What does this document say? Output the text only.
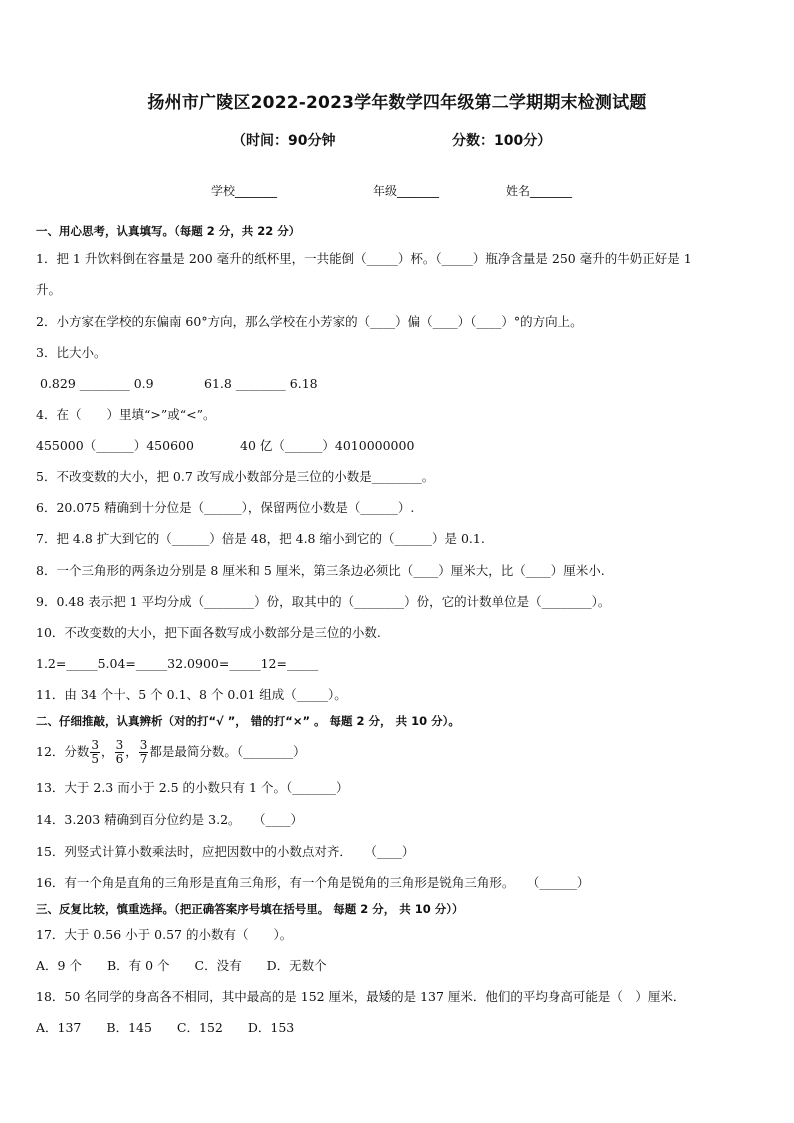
扬州市广陵区2022-2023学年数学四年级第二学期期末检测试题
（时间：90分钟	分数：100分）
学校_______	年级_______	姓名_______
一、用心思考，认真填写。（每题 2 分，共 22 分）
1．把 1 升饮料倒在容量是 200 毫升的纸杯里，一共能倒（_____）杯。（_____）瓶净含量是 250 毫升的牛奶正好是 1
升。
2．小方家在学校的东偏南 60°方向，那么学校在小芳家的（____）偏（____）（____）°的方向上。
3．比大小。
0.829 ________ 0.9	61.8 ________ 6.18
4．在（　　）里填“>”或“<”。
455000（______）450600	40 亿（______）4010000000
5．不改变数的大小，把 0.7 改写成小数部分是三位的小数是________。
6．20.075 精确到十分位是（______），保留两位小数是（______）.
7．把 4.8 扩大到它的（______）倍是 48，把 4.8 缩小到它的（______）是 0.1.
8．一个三角形的两条边分别是 8 厘米和 5 厘米，第三条边必须比（____）厘米大，比（____）厘米小.
9．0.48 表示把 1 平均分成（________）份，取其中的（________）份，它的计数单位是（________）。
10．不改变数的大小，把下面各数写成小数部分是三位的小数.
1.2=_____5.04=_____32.0900=_____12=_____
11．由 34 个十、5 个 0.1、8 个 0.01 组成（_____）。
二、仔细推敲，认真辨析（对的打“√ ”， 错的打“×” 。 每题 2 分， 共 10 分）。
12．分数 $\frac{3}{5}$ ， $\frac{3}{6}$ ， $\frac{3}{7}$ 都是最简分数。（________）
13．大于 2.3 而小于 2.5 的小数只有 1 个。（_______）
14．3.203 精确到百分位约是 3.2。　　（____）
15．列竖式计算小数乘法时，应把因数中的小数点对齐．　　（____）
16．有一个角是直角的三角形是直角三角形，有一个角是锐角的三角形是锐角三角形。　　（______）
三、反复比较，慎重选择。（把正确答案序号填在括号里。 每题 2 分， 共 10 分））
17．大于 0.56 小于 0.57 的小数有（　　）。
A．9 个　　B．有 0 个　　C．没有　　D．无数个
18．50 名同学的身高各不相同，其中最高的是 152 厘米，最矮的是 137 厘米．他们的平均身高可能是（　）厘米．
A．137　　B．145　　C．152　　D．153
